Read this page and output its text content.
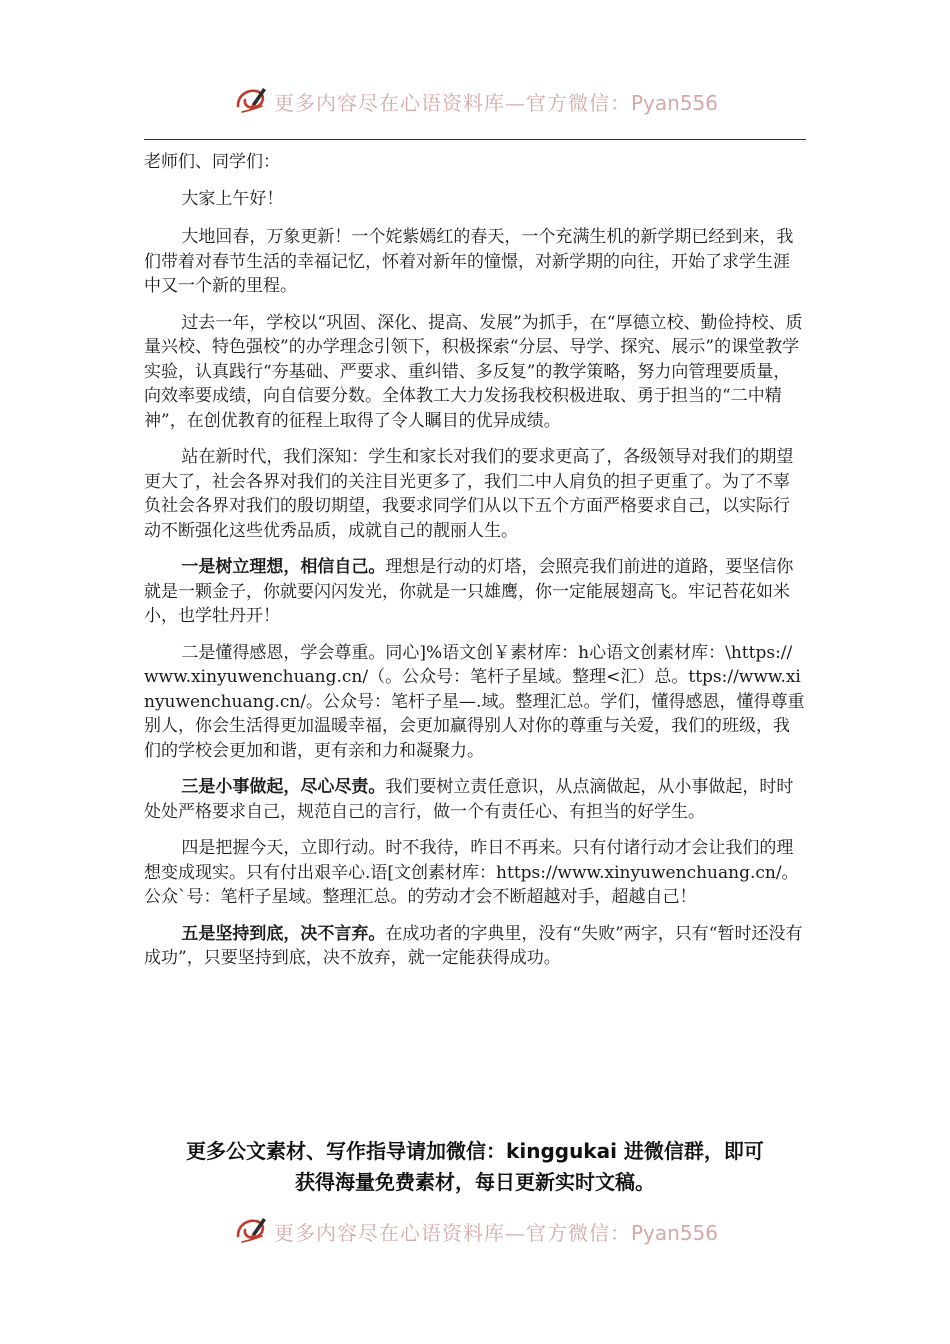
更多内容尽在心语资料库—官方微信：Pyan556

老师们、同学们：

大家上午好！

大地回春，万象更新！一个姹紫嫣红的春天，一个充满生机的新学期已经到来，我们带着对春节生活的幸福记忆，怀着对新年的憧憬，对新学期的向往，开始了求学生涯中又一个新的里程。

过去一年，学校以“巩固、深化、提高、发展”为抓手，在“厚德立校、勤俭持校、质量兴校、特色强校”的办学理念引领下，积极探索“分层、导学、探究、展示”的课堂教学实验，认真践行“夯基础、严要求、重纠错、多反复”的教学策略，努力向管理要质量，向效率要成绩，向自信要分数。全体教工大力发扬我校积极进取、勇于担当的“二中精神”，在创优教育的征程上取得了令人瞩目的优异成绩。

站在新时代，我们深知：学生和家长对我们的要求更高了，各级领导对我们的期望更大了，社会各界对我们的关注目光更多了，我们二中人肩负的担子更重了。为了不辜负社会各界对我们的殷切期望，我要求同学们从以下五个方面严格要求自己，以实际行动不断强化这些优秀品质，成就自己的靓丽人生。

一是树立理想，相信自己。理想是行动的灯塔，会照亮我们前进的道路，要坚信你就是一颗金子，你就要闪闪发光，你就是一只雄鹰，你一定能展翅高飞。牢记苔花如米小，也学牡丹开！

二是懂得感恩，学会尊重。同心]%语文创￥素材库：h心语文创素材库：\https://www.xinyuwenchuang.cn/（。公众号：笔杆子星域。整理<汇）总。ttps://www.xinyuwenchuang.cn/。公众号：笔杆子星—.域。整理汇总。学们，懂得感恩，懂得尊重别人，你会生活得更加温暖幸福，会更加赢得别人对你的尊重与关爱，我们的班级，我们的学校会更加和谐，更有亲和力和凝聚力。

三是小事做起，尽心尽责。我们要树立责任意识，从点滴做起，从小事做起，时时处处严格要求自己，规范自己的言行，做一个有责任心、有担当的好学生。

四是把握今天，立即行动。时不我待，昨日不再来。只有付诸行动才会让我们的理想变成现实。只有付出艰辛心.语[文创素材库：https://www.xinyuwenchuang.cn/。公众`号：笔杆子星域。整理汇总。的劳动才会不断超越对手，超越自己！

五是坚持到底，决不言弃。在成功者的字典里，没有“失败”两字，只有“暂时还没有成功”，只要坚持到底，决不放弃，就一定能获得成功。

更多公文素材、写作指导请加微信：kinggukai 进微信群，即可
获得海量免费素材，每日更新实时文稿。
更多内容尽在心语资料库—官方微信：Pyan556
